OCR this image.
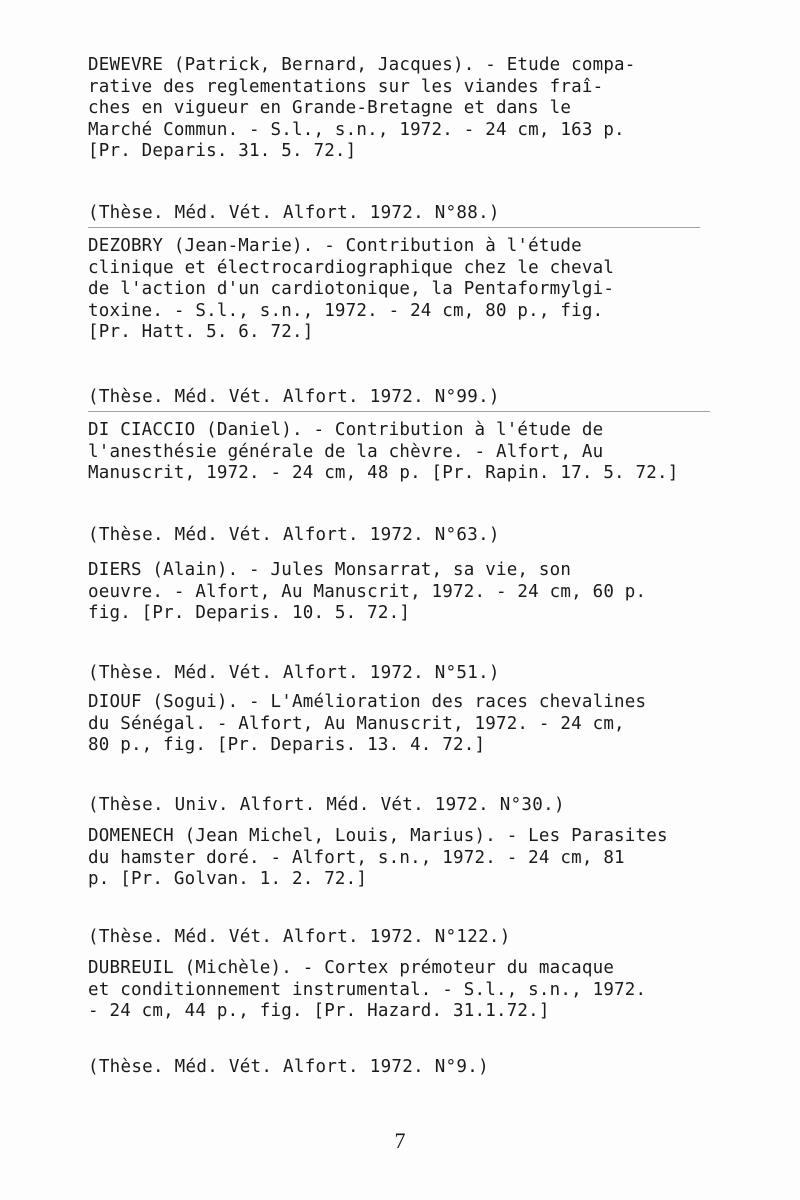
DEWEVRE (Patrick, Bernard, Jacques). - Etude compa-
rative des reglementations sur les viandes fraî-
ches en vigueur en Grande-Bretagne et dans le
Marché Commun. - S.l., s.n., 1972. - 24 cm, 163 p.
[Pr. Deparis. 31. 5. 72.]
(Thèse. Méd. Vét. Alfort. 1972. N°88.)
DEZOBRY (Jean-Marie). - Contribution à l'étude
clinique et électrocardiographique chez le cheval
de l'action d'un cardiotonique, la Pentaformylgi-
toxine. - S.l., s.n., 1972. - 24 cm, 80 p., fig.
[Pr. Hatt. 5. 6. 72.]
(Thèse. Méd. Vét. Alfort. 1972. N°99.)
DI CIACCIO (Daniel). - Contribution à l'étude de
l'anesthésie générale de la chèvre. - Alfort, Au
Manuscrit, 1972. - 24 cm, 48 p. [Pr. Rapin. 17. 5. 72.]
(Thèse. Méd. Vét. Alfort. 1972. N°63.)
DIERS (Alain). - Jules Monsarrat, sa vie, son
oeuvre. - Alfort, Au Manuscrit, 1972. - 24 cm, 60 p.
fig. [Pr. Deparis. 10. 5. 72.]
(Thèse. Méd. Vét. Alfort. 1972. N°51.)
DIOUF (Sogui). - L'Amélioration des races chevalines
du Sénégal. - Alfort, Au Manuscrit, 1972. - 24 cm,
80 p., fig. [Pr. Deparis. 13. 4. 72.]
(Thèse. Univ. Alfort. Méd. Vét. 1972. N°30.)
DOMENECH (Jean Michel, Louis, Marius). - Les Parasites
du hamster doré. - Alfort, s.n., 1972. - 24 cm, 81
p. [Pr. Golvan. 1. 2. 72.]
(Thèse. Méd. Vét. Alfort. 1972. N°122.)
DUBREUIL (Michèle). - Cortex prémoteur du macaque
et conditionnement instrumental. - S.l., s.n., 1972.
- 24 cm, 44 p., fig. [Pr. Hazard. 31.1.72.]
(Thèse. Méd. Vét. Alfort. 1972. N°9.)
7
